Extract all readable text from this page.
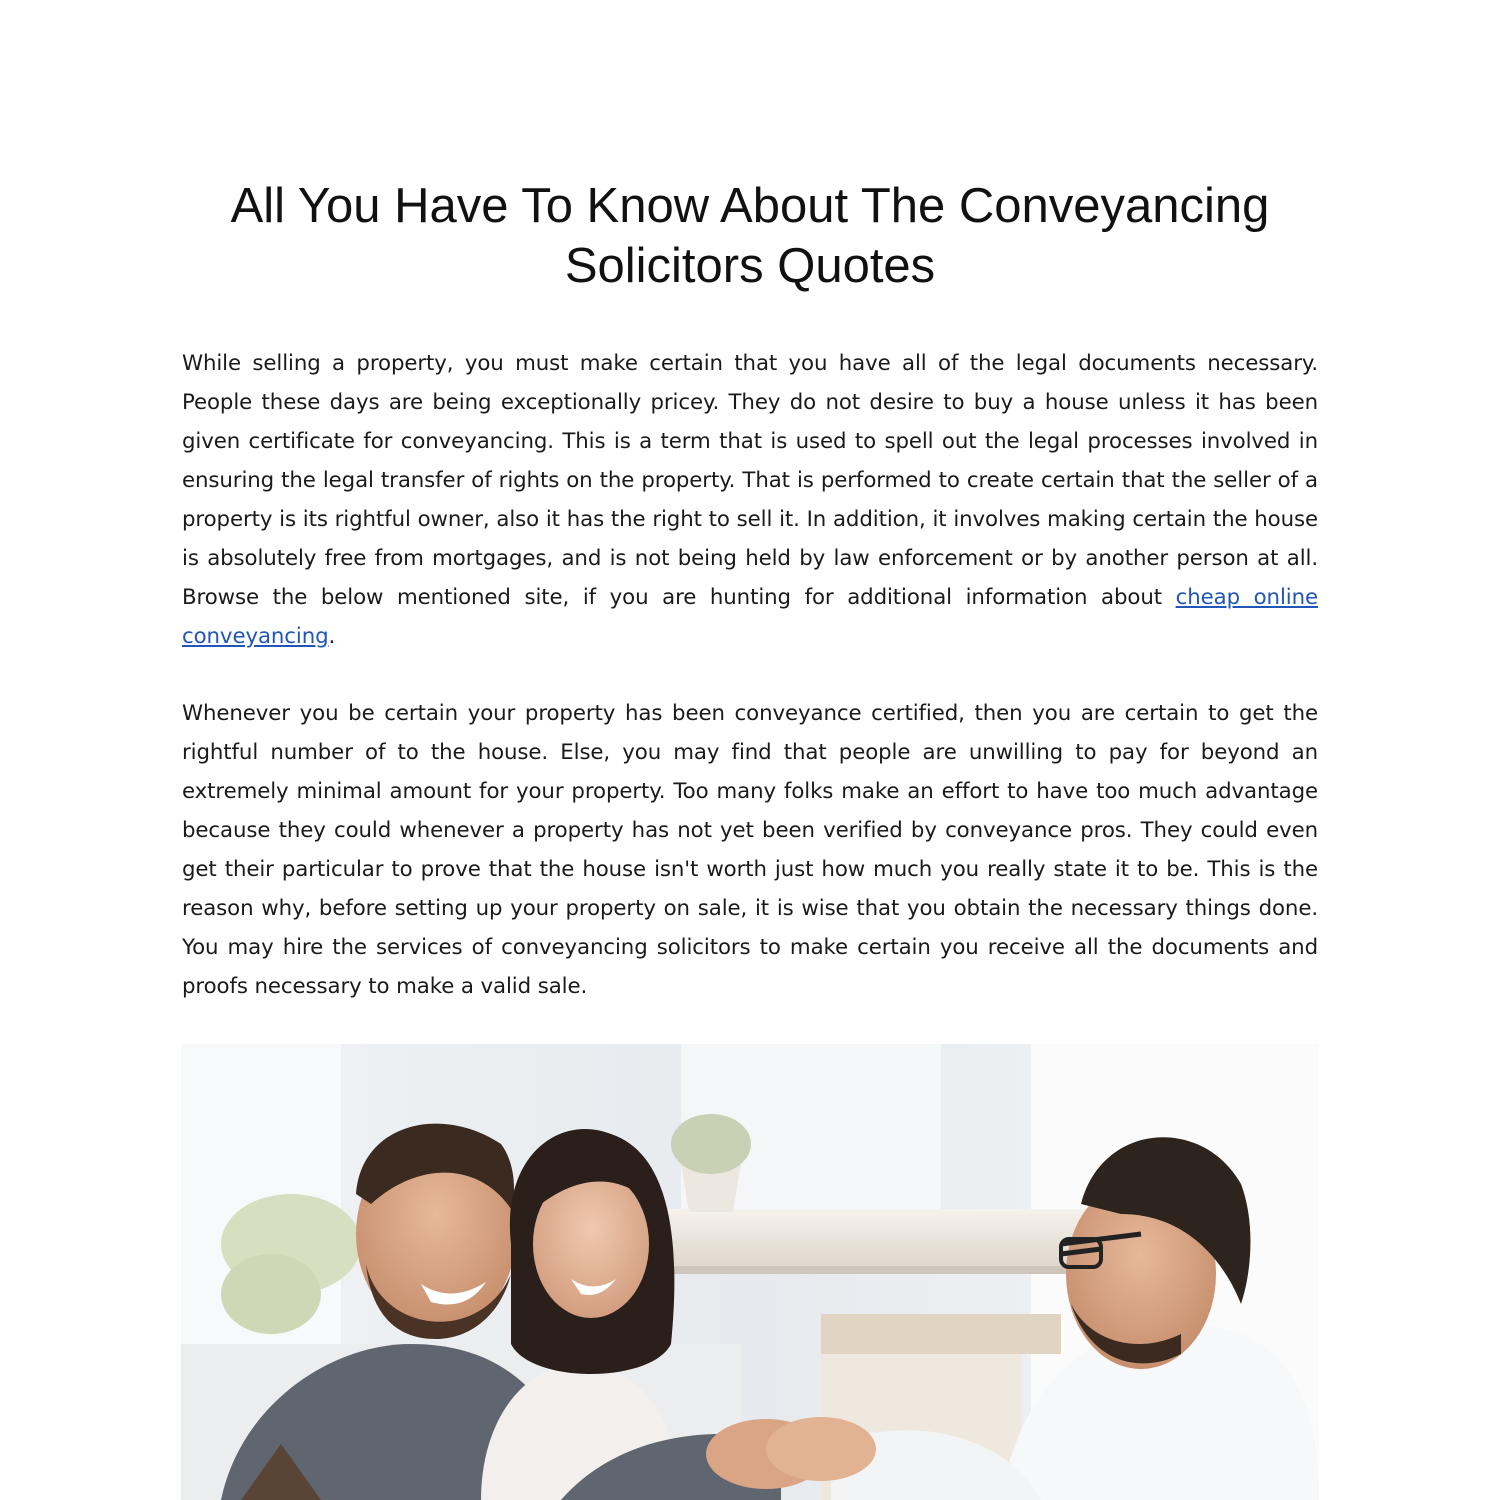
All You Have To Know About The Conveyancing Solicitors Quotes

While selling a property, you must make certain that you have all of the legal documents necessary. People these days are being exceptionally pricey. They do not desire to buy a house unless it has been given certificate for conveyancing. This is a term that is used to spell out the legal processes involved in ensuring the legal transfer of rights on the property. That is performed to create certain that the seller of a property is its rightful owner, also it has the right to sell it. In addition, it involves making certain the house is absolutely free from mortgages, and is not being held by law enforcement or by another person at all. Browse the below mentioned site, if you are hunting for additional information about cheap online conveyancing.

Whenever you be certain your property has been conveyance certified, then you are certain to get the rightful number of to the house. Else, you may find that people are unwilling to pay for beyond an extremely minimal amount for your property. Too many folks make an effort to have too much advantage because they could whenever a property has not yet been verified by conveyance pros. They could even get their particular to prove that the house isn't worth just how much you really state it to be. This is the reason why, before setting up your property on sale, it is wise that you obtain the necessary things done. You may hire the services of conveyancing solicitors to make certain you receive all the documents and proofs necessary to make a valid sale.
